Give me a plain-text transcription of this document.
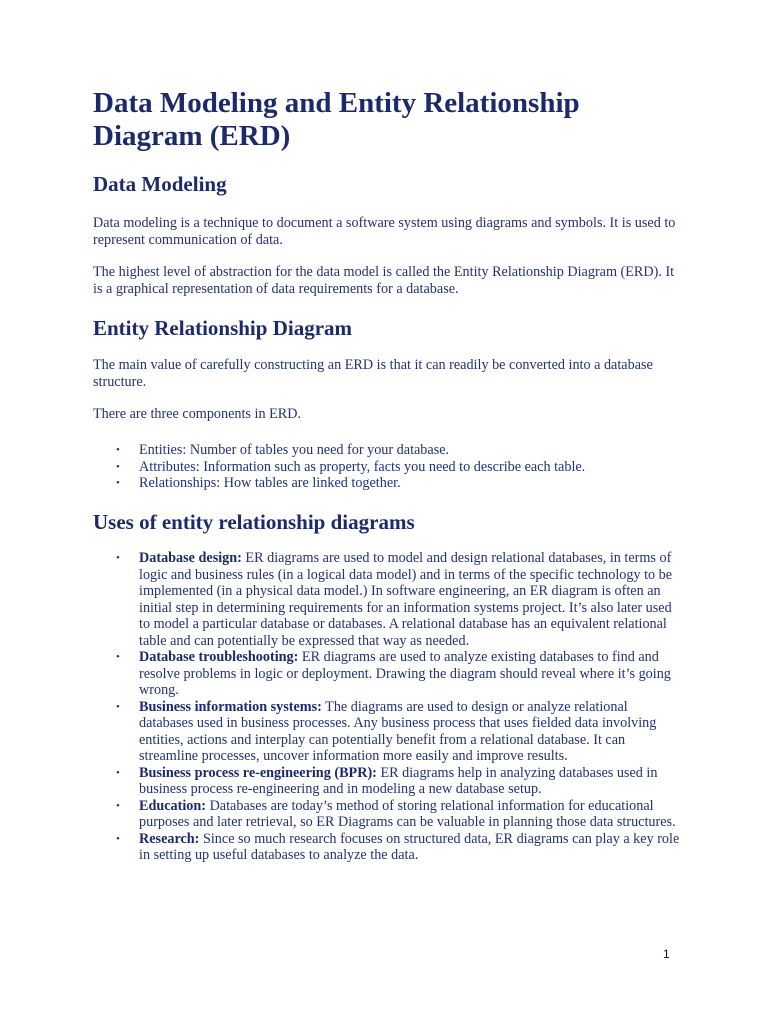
Data Modeling and Entity Relationship Diagram (ERD)
Data Modeling

Data modeling is a technique to document a software system using diagrams and symbols. It is used to represent communication of data.

The highest level of abstraction for the data model is called the Entity Relationship Diagram (ERD). It is a graphical representation of data requirements for a database.

Entity Relationship Diagram

The main value of carefully constructing an ERD is that it can readily be converted into a database structure.

There are three components in ERD.

• Entities: Number of tables you need for your database.
• Attributes: Information such as property, facts you need to describe each table.
• Relationships: How tables are linked together.
Uses of entity relationship diagrams
• Database design: ER diagrams are used to model and design relational databases, in terms of logic and business rules (in a logical data model) and in terms of the specific technology to be implemented (in a physical data model.) In software engineering, an ER diagram is often an initial step in determining requirements for an information systems project. It’s also later used to model a particular database or databases. A relational database has an equivalent relational table and can potentially be expressed that way as needed.
• Database troubleshooting: ER diagrams are used to analyze existing databases to find and resolve problems in logic or deployment. Drawing the diagram should reveal where it’s going wrong.
• Business information systems: The diagrams are used to design or analyze relational databases used in business processes. Any business process that uses fielded data involving entities, actions and interplay can potentially benefit from a relational database. It can streamline processes, uncover information more easily and improve results.
• Business process re-engineering (BPR): ER diagrams help in analyzing databases used in business process re-engineering and in modeling a new database setup.
• Education: Databases are today’s method of storing relational information for educational purposes and later retrieval, so ER Diagrams can be valuable in planning those data structures.
• Research: Since so much research focuses on structured data, ER diagrams can play a key role in setting up useful databases to analyze the data.
1
